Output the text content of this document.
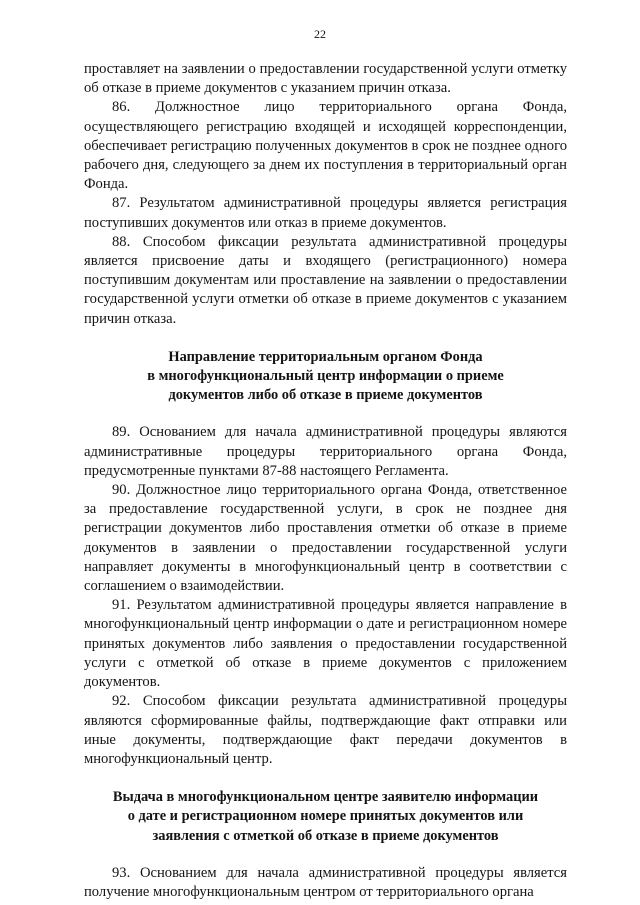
22

проставляет на заявлении о предоставлении государственной услуги отметку об отказе в приеме документов с указанием причин отказа.

86. Должностное лицо территориального органа Фонда, осуществляющего регистрацию входящей и исходящей корреспонденции, обеспечивает регистрацию полученных документов в срок не позднее одного рабочего дня, следующего за днем их поступления в территориальный орган Фонда.

87. Результатом административной процедуры является регистрация поступивших документов или отказ в приеме документов.

88. Способом фиксации результата административной процедуры является присвоение даты и входящего (регистрационного) номера поступившим документам или проставление на заявлении о предоставлении государственной услуги отметки об отказе в приеме документов с указанием причин отказа.

Направление территориальным органом Фонда
в многофункциональный центр информации о приеме
документов либо об отказе в приеме документов

89. Основанием для начала административной процедуры являются административные процедуры территориального органа Фонда, предусмотренные пунктами 87-88 настоящего Регламента.

90. Должностное лицо территориального органа Фонда, ответственное за предоставление государственной услуги, в срок не позднее дня регистрации документов либо проставления отметки об отказе в приеме документов в заявлении о предоставлении государственной услуги направляет документы в многофункциональный центр в соответствии с соглашением о взаимодействии.

91. Результатом административной процедуры является направление в многофункциональный центр информации о дате и регистрационном номере принятых документов либо заявления о предоставлении государственной услуги с отметкой об отказе в приеме документов с приложением документов.

92. Способом фиксации результата административной процедуры являются сформированные файлы, подтверждающие факт отправки или иные документы, подтверждающие факт передачи документов в многофункциональный центр.

Выдача в многофункциональном центре заявителю информации
о дате и регистрационном номере принятых документов или
заявления с отметкой об отказе в приеме документов

93. Основанием для начала административной процедуры является получение многофункциональным центром от территориального органа
